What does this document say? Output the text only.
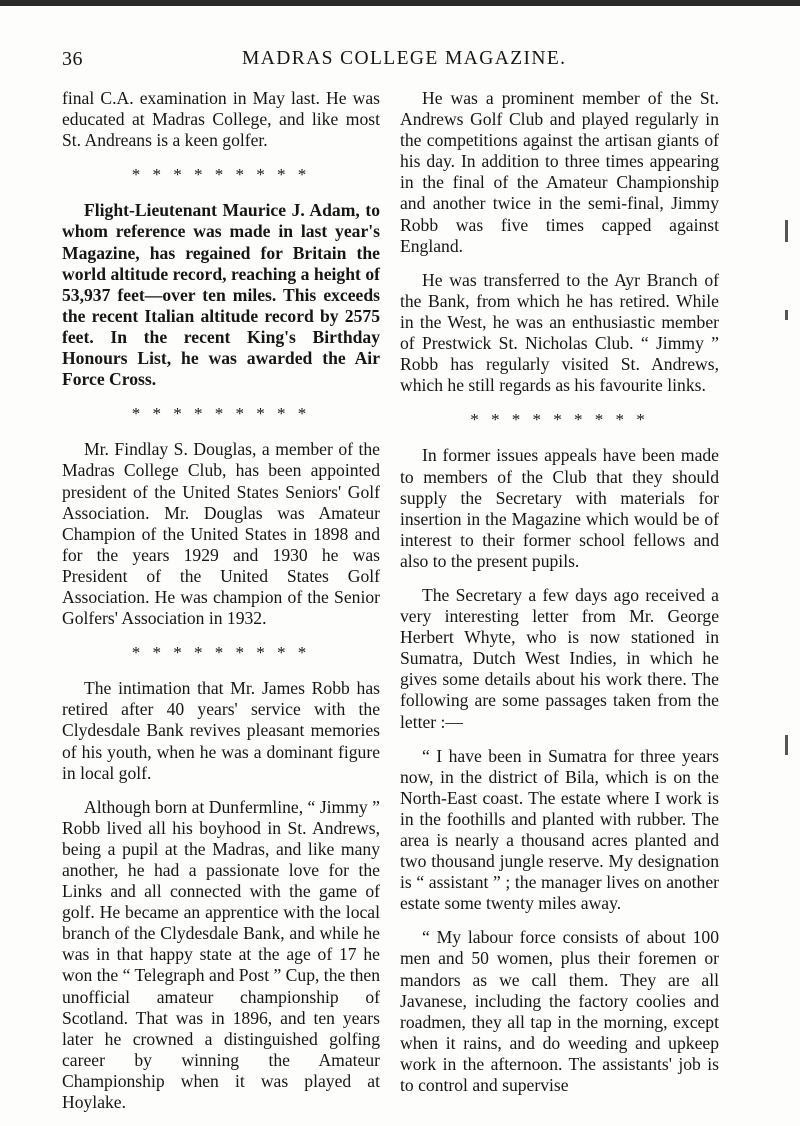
36	MADRAS COLLEGE MAGAZINE.

final C.A. examination in May last. He was educated at Madras College, and like most St. Andreans is a keen golfer.

* * * * * * * * *

Flight-Lieutenant Maurice J. Adam, to whom reference was made in last year's Magazine, has regained for Britain the world altitude record, reaching a height of 53,937 feet—over ten miles. This exceeds the recent Italian altitude record by 2575 feet. In the recent King's Birthday Honours List, he was awarded the Air Force Cross.

* * * * * * * * *

Mr. Findlay S. Douglas, a member of the Madras College Club, has been appointed president of the United States Seniors' Golf Association. Mr. Douglas was Amateur Champion of the United States in 1898 and for the years 1929 and 1930 he was President of the United States Golf Association. He was champion of the Senior Golfers' Association in 1932.

* * * * * * * * *

The intimation that Mr. James Robb has retired after 40 years' service with the Clydesdale Bank revives pleasant memories of his youth, when he was a dominant figure in local golf.

Although born at Dunfermline, “ Jimmy ” Robb lived all his boyhood in St. Andrews, being a pupil at the Madras, and like many another, he had a passionate love for the Links and all connected with the game of golf. He became an apprentice with the local branch of the Clydesdale Bank, and while he was in that happy state at the age of 17 he won the “ Telegraph and Post ” Cup, the then unofficial amateur championship of Scotland. That was in 1896, and ten years later he crowned a distinguished golfing career by winning the Amateur Championship when it was played at Hoylake.

He was a prominent member of the St. Andrews Golf Club and played regularly in the competitions against the artisan giants of his day. In addition to three times appearing in the final of the Amateur Championship and another twice in the semi-final, Jimmy Robb was five times capped against England.

He was transferred to the Ayr Branch of the Bank, from which he has retired. While in the West, he was an enthusiastic member of Prestwick St. Nicholas Club. “ Jimmy ” Robb has regularly visited St. Andrews, which he still regards as his favourite links.

* * * * * * * * *

In former issues appeals have been made to members of the Club that they should supply the Secretary with materials for insertion in the Magazine which would be of interest to their former school fellows and also to the present pupils.

The Secretary a few days ago received a very interesting letter from Mr. George Herbert Whyte, who is now stationed in Sumatra, Dutch West Indies, in which he gives some details about his work there. The following are some passages taken from the letter :—

“ I have been in Sumatra for three years now, in the district of Bila, which is on the North-East coast. The estate where I work is in the foothills and planted with rubber. The area is nearly a thousand acres planted and two thousand jungle reserve. My designation is “ assistant ” ; the manager lives on another estate some twenty miles away.

“ My labour force consists of about 100 men and 50 women, plus their foremen or mandors as we call them. They are all Javanese, including the factory coolies and roadmen, they all tap in the morning, except when it rains, and do weeding and upkeep work in the afternoon. The assistants' job is to control and supervise
